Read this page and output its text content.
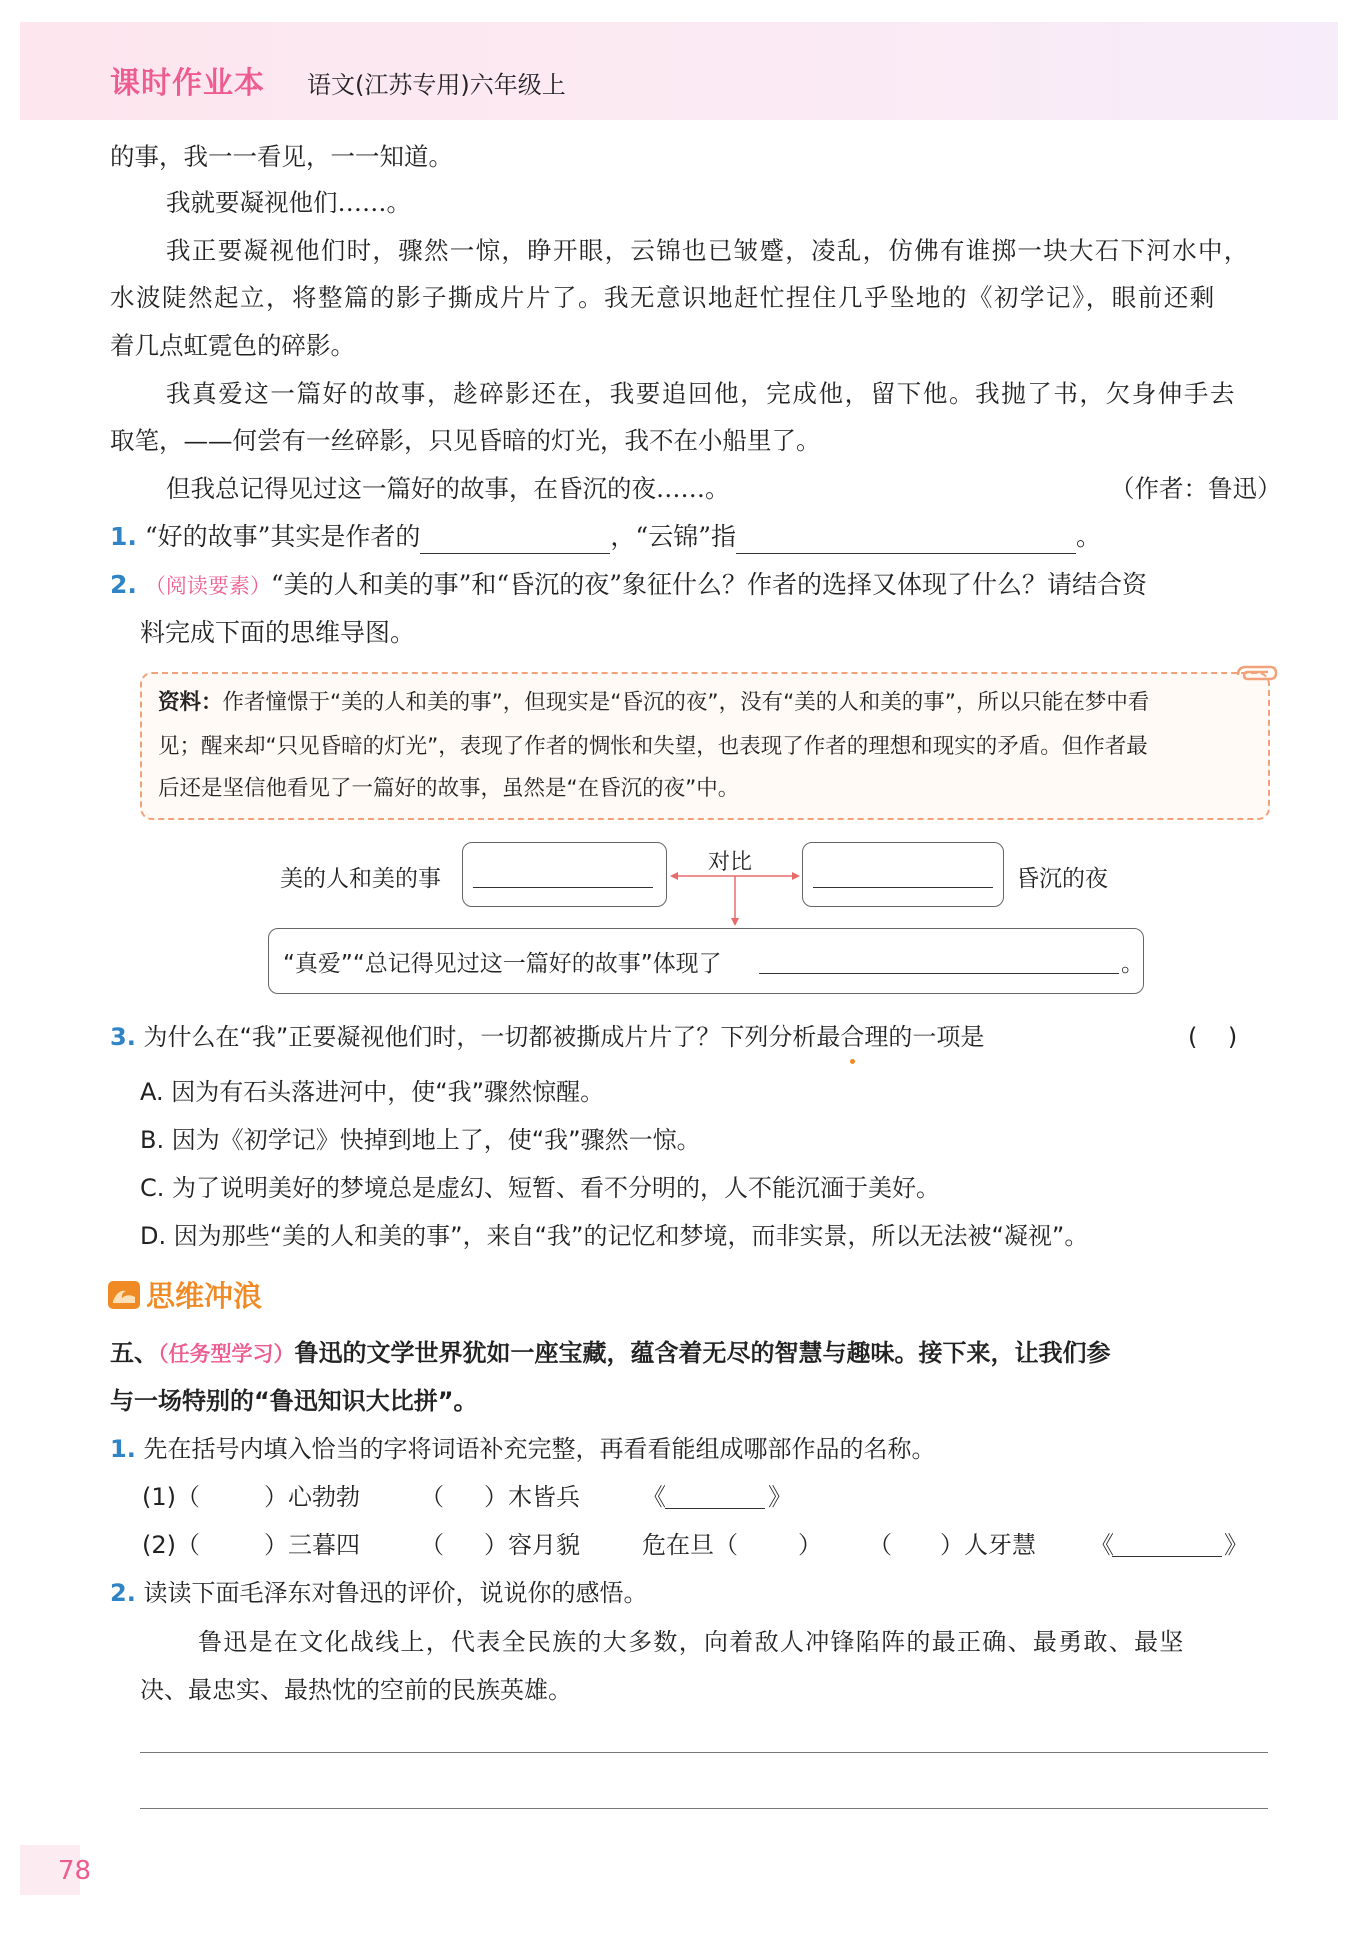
课时作业本 语文(江苏专用)六年级上
的事，我一一看见，一一知道。
我就要凝视他们……。
我正要凝视他们时，骤然一惊，睁开眼，云锦也已皱蹙，凌乱，仿佛有谁掷一块大石下河水中，
水波陡然起立，将整篇的影子撕成片片了。我无意识地赶忙捏住几乎坠地的《初学记》，眼前还剩
着几点虹霓色的碎影。
我真爱这一篇好的故事，趁碎影还在，我要追回他，完成他，留下他。我抛了书，欠身伸手去
取笔，——何尝有一丝碎影，只见昏暗的灯光，我不在小船里了。
但我总记得见过这一篇好的故事，在昏沉的夜……。	（作者：鲁迅）
1. “好的故事”其实是作者的	，“云锦”指	。
2. （阅读要素）“美的人和美的事”和“昏沉的夜”象征什么？作者的选择又体现了什么？请结合资
料完成下面的思维导图。
资料：作者憧憬于“美的人和美的事”，但现实是“昏沉的夜”，没有“美的人和美的事”，所以只能在梦中看
见；醒来却“只见昏暗的灯光”，表现了作者的惆怅和失望，也表现了作者的理想和现实的矛盾。但作者最
后还是坚信他看见了一篇好的故事，虽然是“在昏沉的夜”中。
美的人和美的事
对比
昏沉的夜
“真爱”“总记得见过这一篇好的故事”体现了	。
3. 为什么在“我”正要凝视他们时，一切都被撕成片片了？下列分析最合理的一项是	(    )
A. 因为有石头落进河中，使“我”骤然惊醒。
B. 因为《初学记》快掉到地上了，使“我”骤然一惊。
C. 为了说明美好的梦境总是虚幻、短暂、看不分明的，人不能沉湎于美好。
D. 因为那些“美的人和美的事”，来自“我”的记忆和梦境，而非实景，所以无法被“凝视”。
思维冲浪
五、（任务型学习）鲁迅的文学世界犹如一座宝藏，蕴含着无尽的智慧与趣味。接下来，让我们参
与一场特别的“鲁迅知识大比拼”。
1. 先在括号内填入恰当的字将词语补充完整，再看看能组成哪部作品的名称。
(1)（	）心勃勃	（ ）木皆兵	《	》
(2)（	）三暮四	（ ）容月貌	危在旦（	） （ ）人牙慧 《	》
2. 读读下面毛泽东对鲁迅的评价，说说你的感悟。
鲁迅是在文化战线上，代表全民族的大多数，向着敌人冲锋陷阵的最正确、最勇敢、最坚
决、最忠实、最热忱的空前的民族英雄。
78
